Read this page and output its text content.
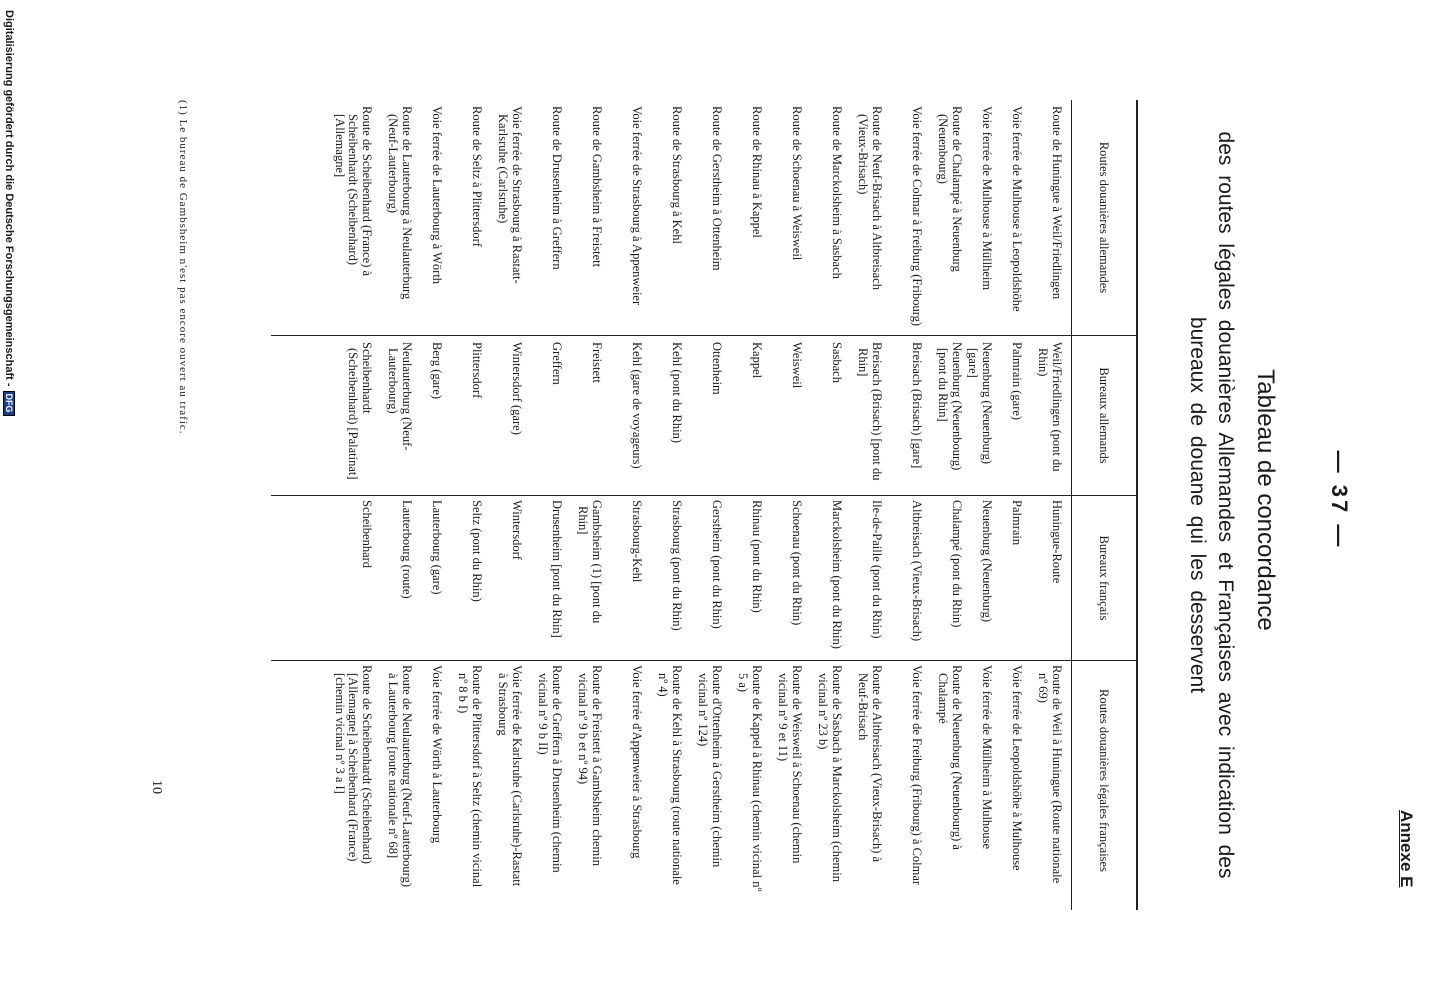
Annexe E
— 37 —
Tableau de concordance
des routes légales douanières Allemandes et Françaises avec indication des bureaux de douane qui les desservent
Routes douanières allemandes
Bureaux allemands
Bureaux français
Routes douanières légales françaises
Route de Huningue à Weil/Friedlingen
Voie ferrée de Mulhouse à Leopoldshöhe
Voie ferrée de Mulhouse à Müllheim
Route de Chalampé à Neuenburg (Neuenbourg)
Voie ferrée de Colmar à Freiburg (Fribourg)
Route de Neuf-Brisach à Altbreisach (Vieux-Brisach)
Route de Marckolsheim à Sasbach
Route de Schoenau à Weisweil
Route de Rhinau à Kappel
Route de Gerstheim à Ottenheim
Route de Strasbourg à Kehl
Voie ferrée de Strasbourg à Appenweier
Route de Gambsheim à Freistett
Route de Drusenheim à Greffern
Voie ferrée de Strasbourg à Rastatt-Karlsruhe (Carlsruhe)
Route de Seltz à Plittersdorf
Voie ferrée de Lauterbourg à Wörth
Route de Lauterbourg à Neulauterburg (Neuf-Lauterbourg)
Route de Scheibenhard (France) à Scheibenhardt (Scheibenhard) [Allemagne]
Weil/Friedlingen (pont du Rhin)
Palmrain (gare)
Neuenburg (Neuenburg) [gare]
Neuenburg (Neuenbourg) [pont du Rhin]
Breisach (Brisach) [gare]
Breisach (Brisach) [pont du Rhin]
Sasbach
Weisweil
Kappel
Ottenheim
Kehl (pont du Rhin)
Kehl (gare de voyageurs)
Freistett
Greffern
Wintersdorf (gare)
Plittersdorf
Berg (gare)
Neulauterburg (Neuf-Lauterbourg)
Scheibenhardt (Scheibenhard) [Palatinat]
Huningue-Route
Palmrain
Neuenburg (Neuenburg)
Chalampé (pont du Rhin)
Altbreisach (Vieux-Brisach)
Ile-de-Paille (pont du Rhin)
Marckolsheim (pont du Rhin)
Schoenau (pont du Rhin)
Rhinau (pont du Rhin)
Gerstheim (pont du Rhin)
Strasbourg (pont du Rhin)
Strasbourg-Kehl
Gambsheim (1) [pont du Rhin]
Drusenheim [pont du Rhin]
Wintersdorf
Seltz (pont du Rhin)
Lauterbourg (gare)
Lauterbourg (route)
Scheibenhard
Route de Weil à Huningue (Route nationale nº 69)
Voie ferrée de Leopoldshöhe à Mulhouse
Voie ferrée de Müllheim à Mulhouse
Route de Neuenburg (Neuenbourg) à Chalampé
Voie ferrée de Freiburg (Fribourg) à Colmar
Route de Altbreisach (Vieux-Brisach) à Neuf-Brisach
Route de Sasbach à Marckolsheim (chemin vicinal nº 23 b)
Route de Weisweil à Schoenau (chemin vicinal nº 9 et 11)
Route de Kappel à Rhinau (chemin vicinal nº 5 a)
Route d'Ottenheim à Gerstheim (chemin vicinal nº 124)
Route de Kehl à Strasbourg (route nationale nº 4)
Voie ferrée d'Appenweier à Strasbourg
Route de Freistett à Gambsheim chemin vicinal nº 9 b et nº 94)
Route de Greffern à Drusenheim (chemin vicinal nº 9 b II)
Voie ferrée de Karlsruhe (Carlsruhe)-Rastatt à Strasbourg
Route de Plittersdorf à Seltz (chemin vicinal nº 8 b I)
Voie ferrée de Wörth à Lauterbourg
Route de Neulauterburg (Neuf-Lauterbourg) à Lauterbourg [route nationale nº 68]
Route de Scheibenhardt (Scheibenhard) [Allemagne] à Scheibenhard (France) [chemin vicinal nº 3 a I]
(1) Le bureau de Gambsheim n'est pas encore ouvert au trafic.
10
Digitalisierung gefördert durch die Deutsche Forschungsgemeinschaft -
DFG
